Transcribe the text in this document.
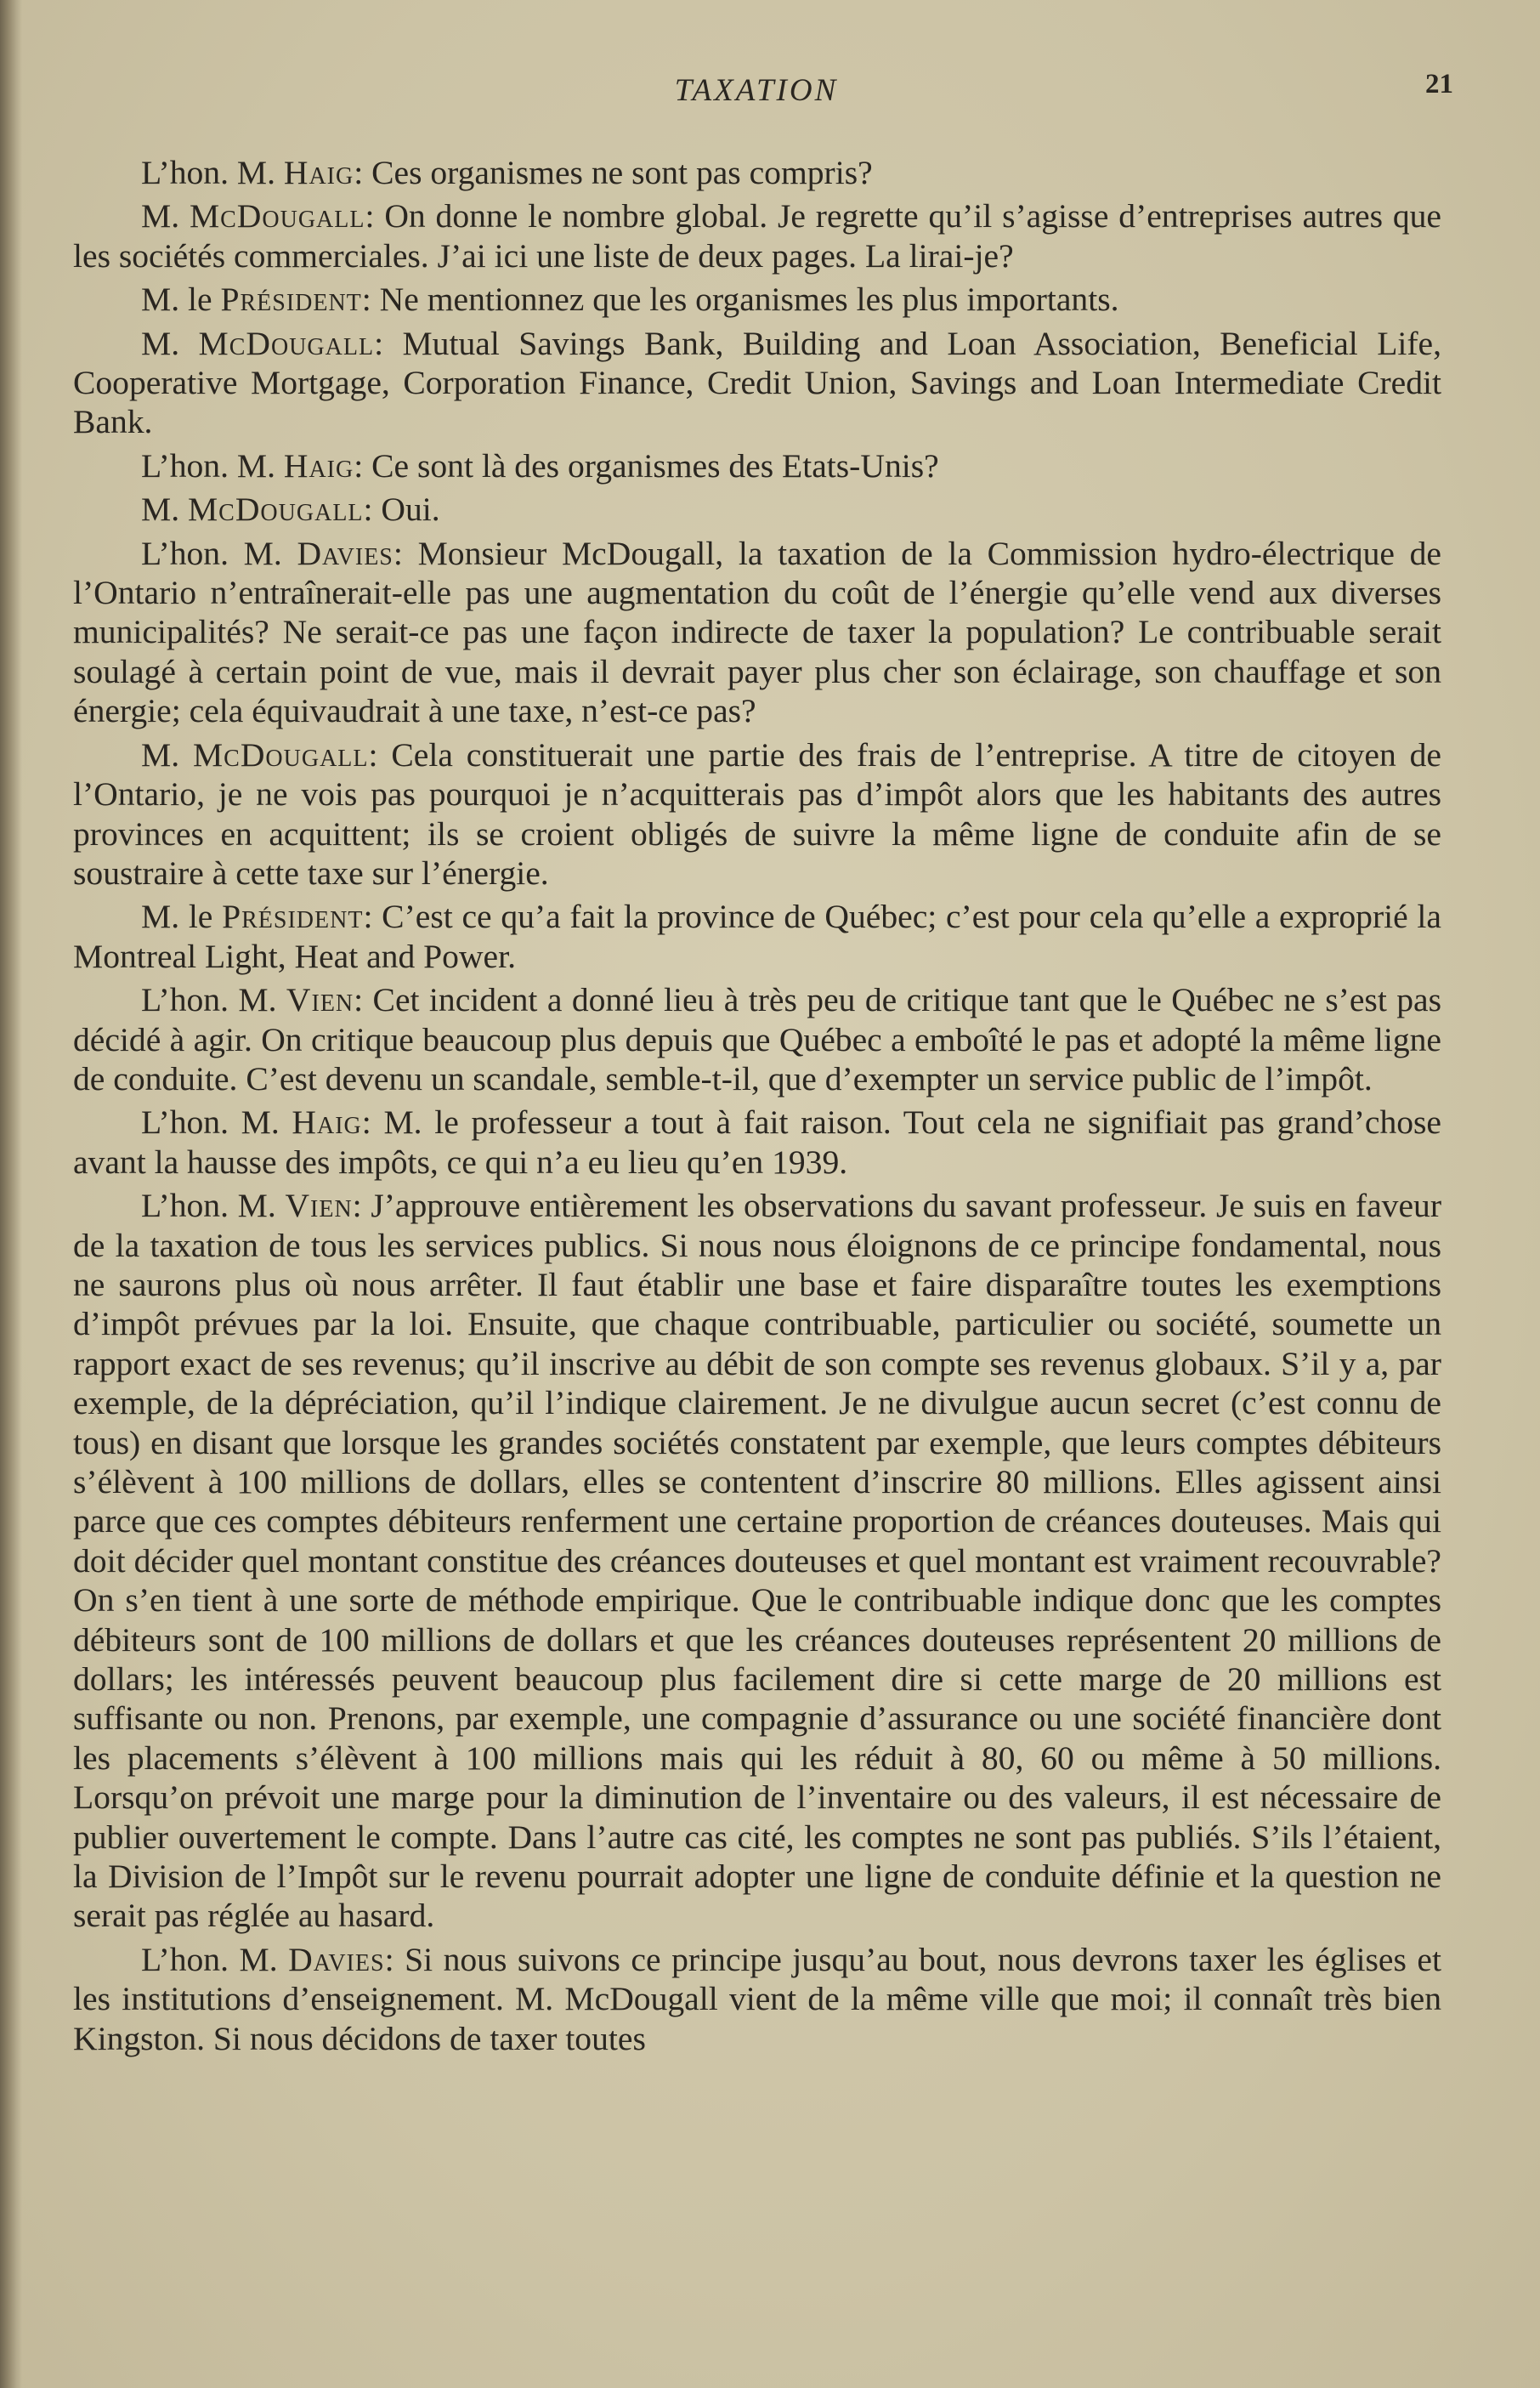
TAXATION	21

L’hon. M. Haig: Ces organismes ne sont pas compris?

M. McDougall: On donne le nombre global. Je regrette qu’il s’agisse d’entreprises autres que les sociétés commerciales. J’ai ici une liste de deux pages. La lirai-je?

M. le Président: Ne mentionnez que les organismes les plus importants.

M. McDougall: Mutual Savings Bank, Building and Loan Association, Beneficial Life, Cooperative Mortgage, Corporation Finance, Credit Union, Savings and Loan Intermediate Credit Bank.

L’hon. M. Haig: Ce sont là des organismes des Etats-Unis?

M. McDougall: Oui.

L’hon. M. Davies: Monsieur McDougall, la taxation de la Commission hydro-électrique de l’Ontario n’entraînerait-elle pas une augmentation du coût de l’énergie qu’elle vend aux diverses municipalités? Ne serait-ce pas une façon indirecte de taxer la population? Le contribuable serait soulagé à certain point de vue, mais il devrait payer plus cher son éclairage, son chauffage et son énergie; cela équivaudrait à une taxe, n’est-ce pas?

M. McDougall: Cela constituerait une partie des frais de l’entreprise. A titre de citoyen de l’Ontario, je ne vois pas pourquoi je n’acquitterais pas d’impôt alors que les habitants des autres provinces en acquittent; ils se croient obligés de suivre la même ligne de conduite afin de se soustraire à cette taxe sur l’énergie.

M. le Président: C’est ce qu’a fait la province de Québec; c’est pour cela qu’elle a exproprié la Montreal Light, Heat and Power.

L’hon. M. Vien: Cet incident a donné lieu à très peu de critique tant que le Québec ne s’est pas décidé à agir. On critique beaucoup plus depuis que Québec a emboîté le pas et adopté la même ligne de conduite. C’est devenu un scandale, semble-t-il, que d’exempter un service public de l’impôt.

L’hon. M. Haig: M. le professeur a tout à fait raison. Tout cela ne signifiait pas grand’chose avant la hausse des impôts, ce qui n’a eu lieu qu’en 1939.

L’hon. M. Vien: J’approuve entièrement les observations du savant professeur. Je suis en faveur de la taxation de tous les services publics. Si nous nous éloignons de ce principe fondamental, nous ne saurons plus où nous arrêter. Il faut établir une base et faire disparaître toutes les exemptions d’impôt prévues par la loi. Ensuite, que chaque contribuable, particulier ou société, soumette un rapport exact de ses revenus; qu’il inscrive au débit de son compte ses revenus globaux. S’il y a, par exemple, de la dépréciation, qu’il l’indique clairement. Je ne divulgue aucun secret (c’est connu de tous) en disant que lorsque les grandes sociétés constatent par exemple, que leurs comptes débiteurs s’élèvent à 100 millions de dollars, elles se contentent d’inscrire 80 millions. Elles agissent ainsi parce que ces comptes débiteurs renferment une certaine proportion de créances douteuses. Mais qui doit décider quel montant constitue des créances douteuses et quel montant est vraiment recouvrable? On s’en tient à une sorte de méthode empirique. Que le contribuable indique donc que les comptes débiteurs sont de 100 millions de dollars et que les créances douteuses représentent 20 millions de dollars; les intéressés peuvent beaucoup plus facilement dire si cette marge de 20 millions est suffisante ou non. Prenons, par exemple, une compagnie d’assurance ou une société financière dont les placements s’élèvent à 100 millions mais qui les réduit à 80, 60 ou même à 50 millions. Lorsqu’on prévoit une marge pour la diminution de l’inventaire ou des valeurs, il est nécessaire de publier ouvertement le compte. Dans l’autre cas cité, les comptes ne sont pas publiés. S’ils l’étaient, la Division de l’Impôt sur le revenu pourrait adopter une ligne de conduite définie et la question ne serait pas réglée au hasard.

L’hon. M. Davies: Si nous suivons ce principe jusqu’au bout, nous devrons taxer les églises et les institutions d’enseignement. M. McDougall vient de la même ville que moi; il connaît très bien Kingston. Si nous décidons de taxer toutes
